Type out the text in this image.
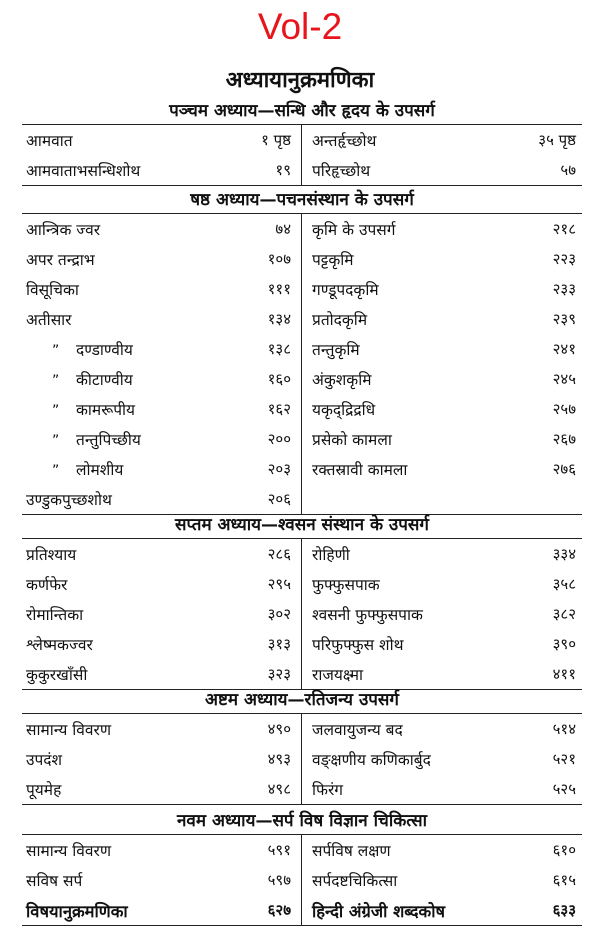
Vol-2
अध्यायानुक्रमणिका
पञ्चम अध्याय—सन्धि और हृदय के उपसर्ग
आमवात	१ पृष्ठ अन्तर्हृच्छोथ	३५ पृष्ठ
आमवाताभसन्धिशोथ	१९ परिहृच्छोथ	५७
षष्ठ अध्याय—पचनसंस्थान के उपसर्ग
आन्त्रिक ज्वर	७४ कृमि के उपसर्ग	२१८
अपर तन्द्राभ	१०७ पट्टकृमि	२२३
विसूचिका	१११ गण्डूपदकृमि	२३३
अतीसार	१३४ प्रतोदकृमि	२३९
” दण्डाण्वीय	१३८ तन्तुकृमि	२४१
” कीटाण्वीय	१६० अंकुशकृमि	२४५
” कामरूपीय	१६२ यकृद्द्रिद्रधि	२५७
” तन्तुपिच्छीय	२०० प्रसेको कामला	२६७
” लोमशीय	२०३ रक्तस्रावी कामला	२७६
उण्डुकपुच्छशोथ	२०६
सप्तम अध्याय—श्वसन संस्थान के उपसर्ग
प्रतिश्याय	२८६ रोहिणी	३३४
कर्णफेर	२९५ फुफ्फुसपाक	३५८
रोमान्तिका	३०२ श्वसनी फुफ्फुसपाक	३८२
श्लेष्मकज्वर	३१३ परिफुफ्फुस शोथ	३९०
कुकुरखाँसी	३२३ राजयक्ष्मा	४११
अष्टम अध्याय—रतिजन्य उपसर्ग
सामान्य विवरण	४९० जलवायुजन्य बद	५१४
उपदंश	४९३ वङ्क्षणीय कणिकार्बुद	५२१
पूयमेह	४९८ फिरंग	५२५
नवम अध्याय—सर्प विष विज्ञान चिकित्सा
सामान्य विवरण	५९१ सर्पविष लक्षण	६१०
सविष सर्प	५९७ सर्पदष्टचिकित्सा	६१५
विषयानुक्रमणिका	६२७ हिन्दी अंग्रेजी शब्दकोष	६३३
